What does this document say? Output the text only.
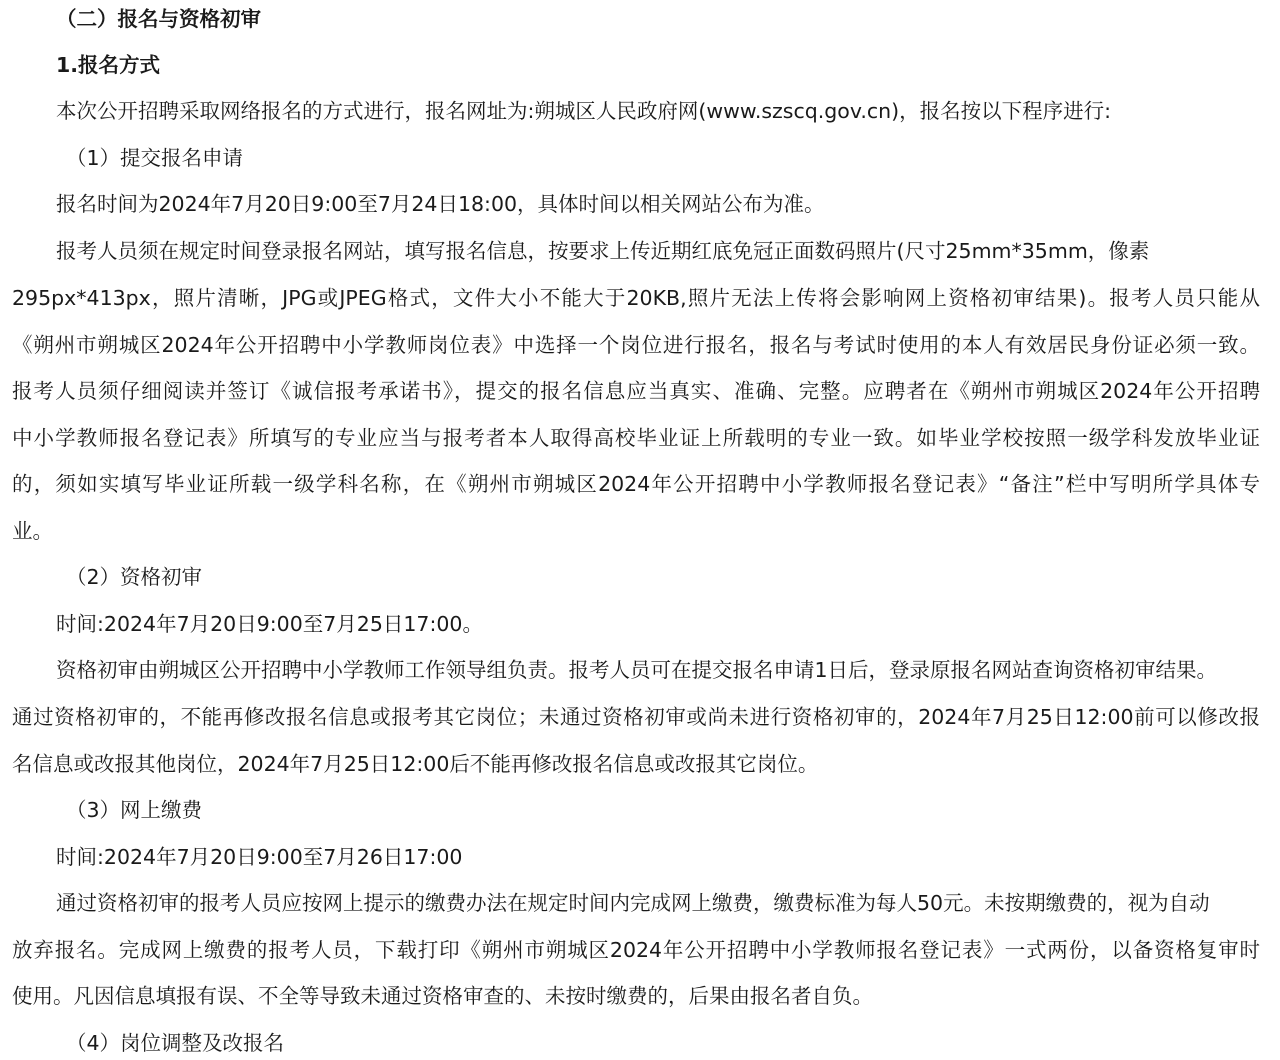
（二）报名与资格初审
1.报名方式
本次公开招聘采取网络报名的方式进行，报名网址为:朔城区人民政府网(www.szscq.gov.cn)，报名按以下程序进行:
（1）提交报名申请
报名时间为2024年7月20日9:00至7月24日18:00，具体时间以相关网站公布为准。
报考人员须在规定时间登录报名网站，填写报名信息，按要求上传近期红底免冠正面数码照片(尺寸25mm*35mm，像素
295px*413px，照片清晰，JPG或JPEG格式，文件大小不能大于20KB,照片无法上传将会影响网上资格初审结果)。报考人员只能从
《朔州市朔城区2024年公开招聘中小学教师岗位表》中选择一个岗位进行报名，报名与考试时使用的本人有效居民身份证必须一致。
报考人员须仔细阅读并签订《诚信报考承诺书》，提交的报名信息应当真实、准确、完整。应聘者在《朔州市朔城区2024年公开招聘
中小学教师报名登记表》所填写的专业应当与报考者本人取得高校毕业证上所载明的专业一致。如毕业学校按照一级学科发放毕业证
的，须如实填写毕业证所载一级学科名称，在《朔州市朔城区2024年公开招聘中小学教师报名登记表》“备注”栏中写明所学具体专
业。
（2）资格初审
时间:2024年7月20日9:00至7月25日17:00。
资格初审由朔城区公开招聘中小学教师工作领导组负责。报考人员可在提交报名申请1日后，登录原报名网站查询资格初审结果。
通过资格初审的，不能再修改报名信息或报考其它岗位；未通过资格初审或尚未进行资格初审的，2024年7月25日12:00前可以修改报
名信息或改报其他岗位，2024年7月25日12:00后不能再修改报名信息或改报其它岗位。
（3）网上缴费
时间:2024年7月20日9:00至7月26日17:00
通过资格初审的报考人员应按网上提示的缴费办法在规定时间内完成网上缴费，缴费标准为每人50元。未按期缴费的，视为自动
放弃报名。完成网上缴费的报考人员，下载打印《朔州市朔城区2024年公开招聘中小学教师报名登记表》一式两份，以备资格复审时
使用。凡因信息填报有误、不全等导致未通过资格审查的、未按时缴费的，后果由报名者自负。
（4）岗位调整及改报名
